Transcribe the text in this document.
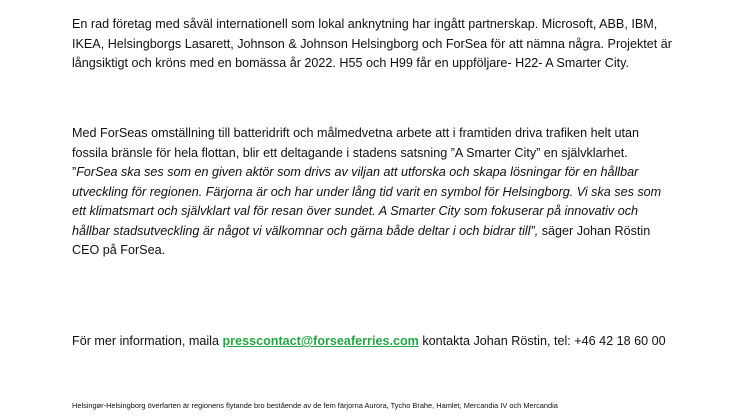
En rad företag med såväl internationell som lokal anknytning har ingått partnerskap. Microsoft, ABB, IBM, IKEA, Helsingborgs Lasarett, Johnson & Johnson Helsingborg och ForSea för att nämna några. Projektet är långsiktigt och kröns med en bomässa år 2022. H55 och H99 får en uppföljare- H22- A Smarter City.

Med ForSeas omställning till batteridrift och målmedvetna arbete att i framtiden driva trafiken helt utan fossila bränsle för hela flottan, blir ett deltagande i stadens satsning ”A Smarter City” en självklarhet. ”ForSea ska ses som en given aktör som drivs av viljan att utforska och skapa lösningar för en hållbar utveckling för regionen. Färjorna är och har under lång tid varit en symbol för Helsingborg. Vi ska ses som ett klimatsmart och självklart val för resan över sundet. A Smarter City som fokuserar på innovativ och hållbar stadsutveckling är något vi välkomnar och gärna både deltar i och bidrar till”, säger Johan Röstin CEO på ForSea.

För mer information, maila presscontact@forseaferries.com kontakta Johan Röstin, tel: +46 42 18 60 00

Helsingør-Helsingborg överfarten är regionens flytande bro bestående av de fem färjorna Aurora, Tycho Brahe, Hamlet, Mercandia IV och Mercandia
